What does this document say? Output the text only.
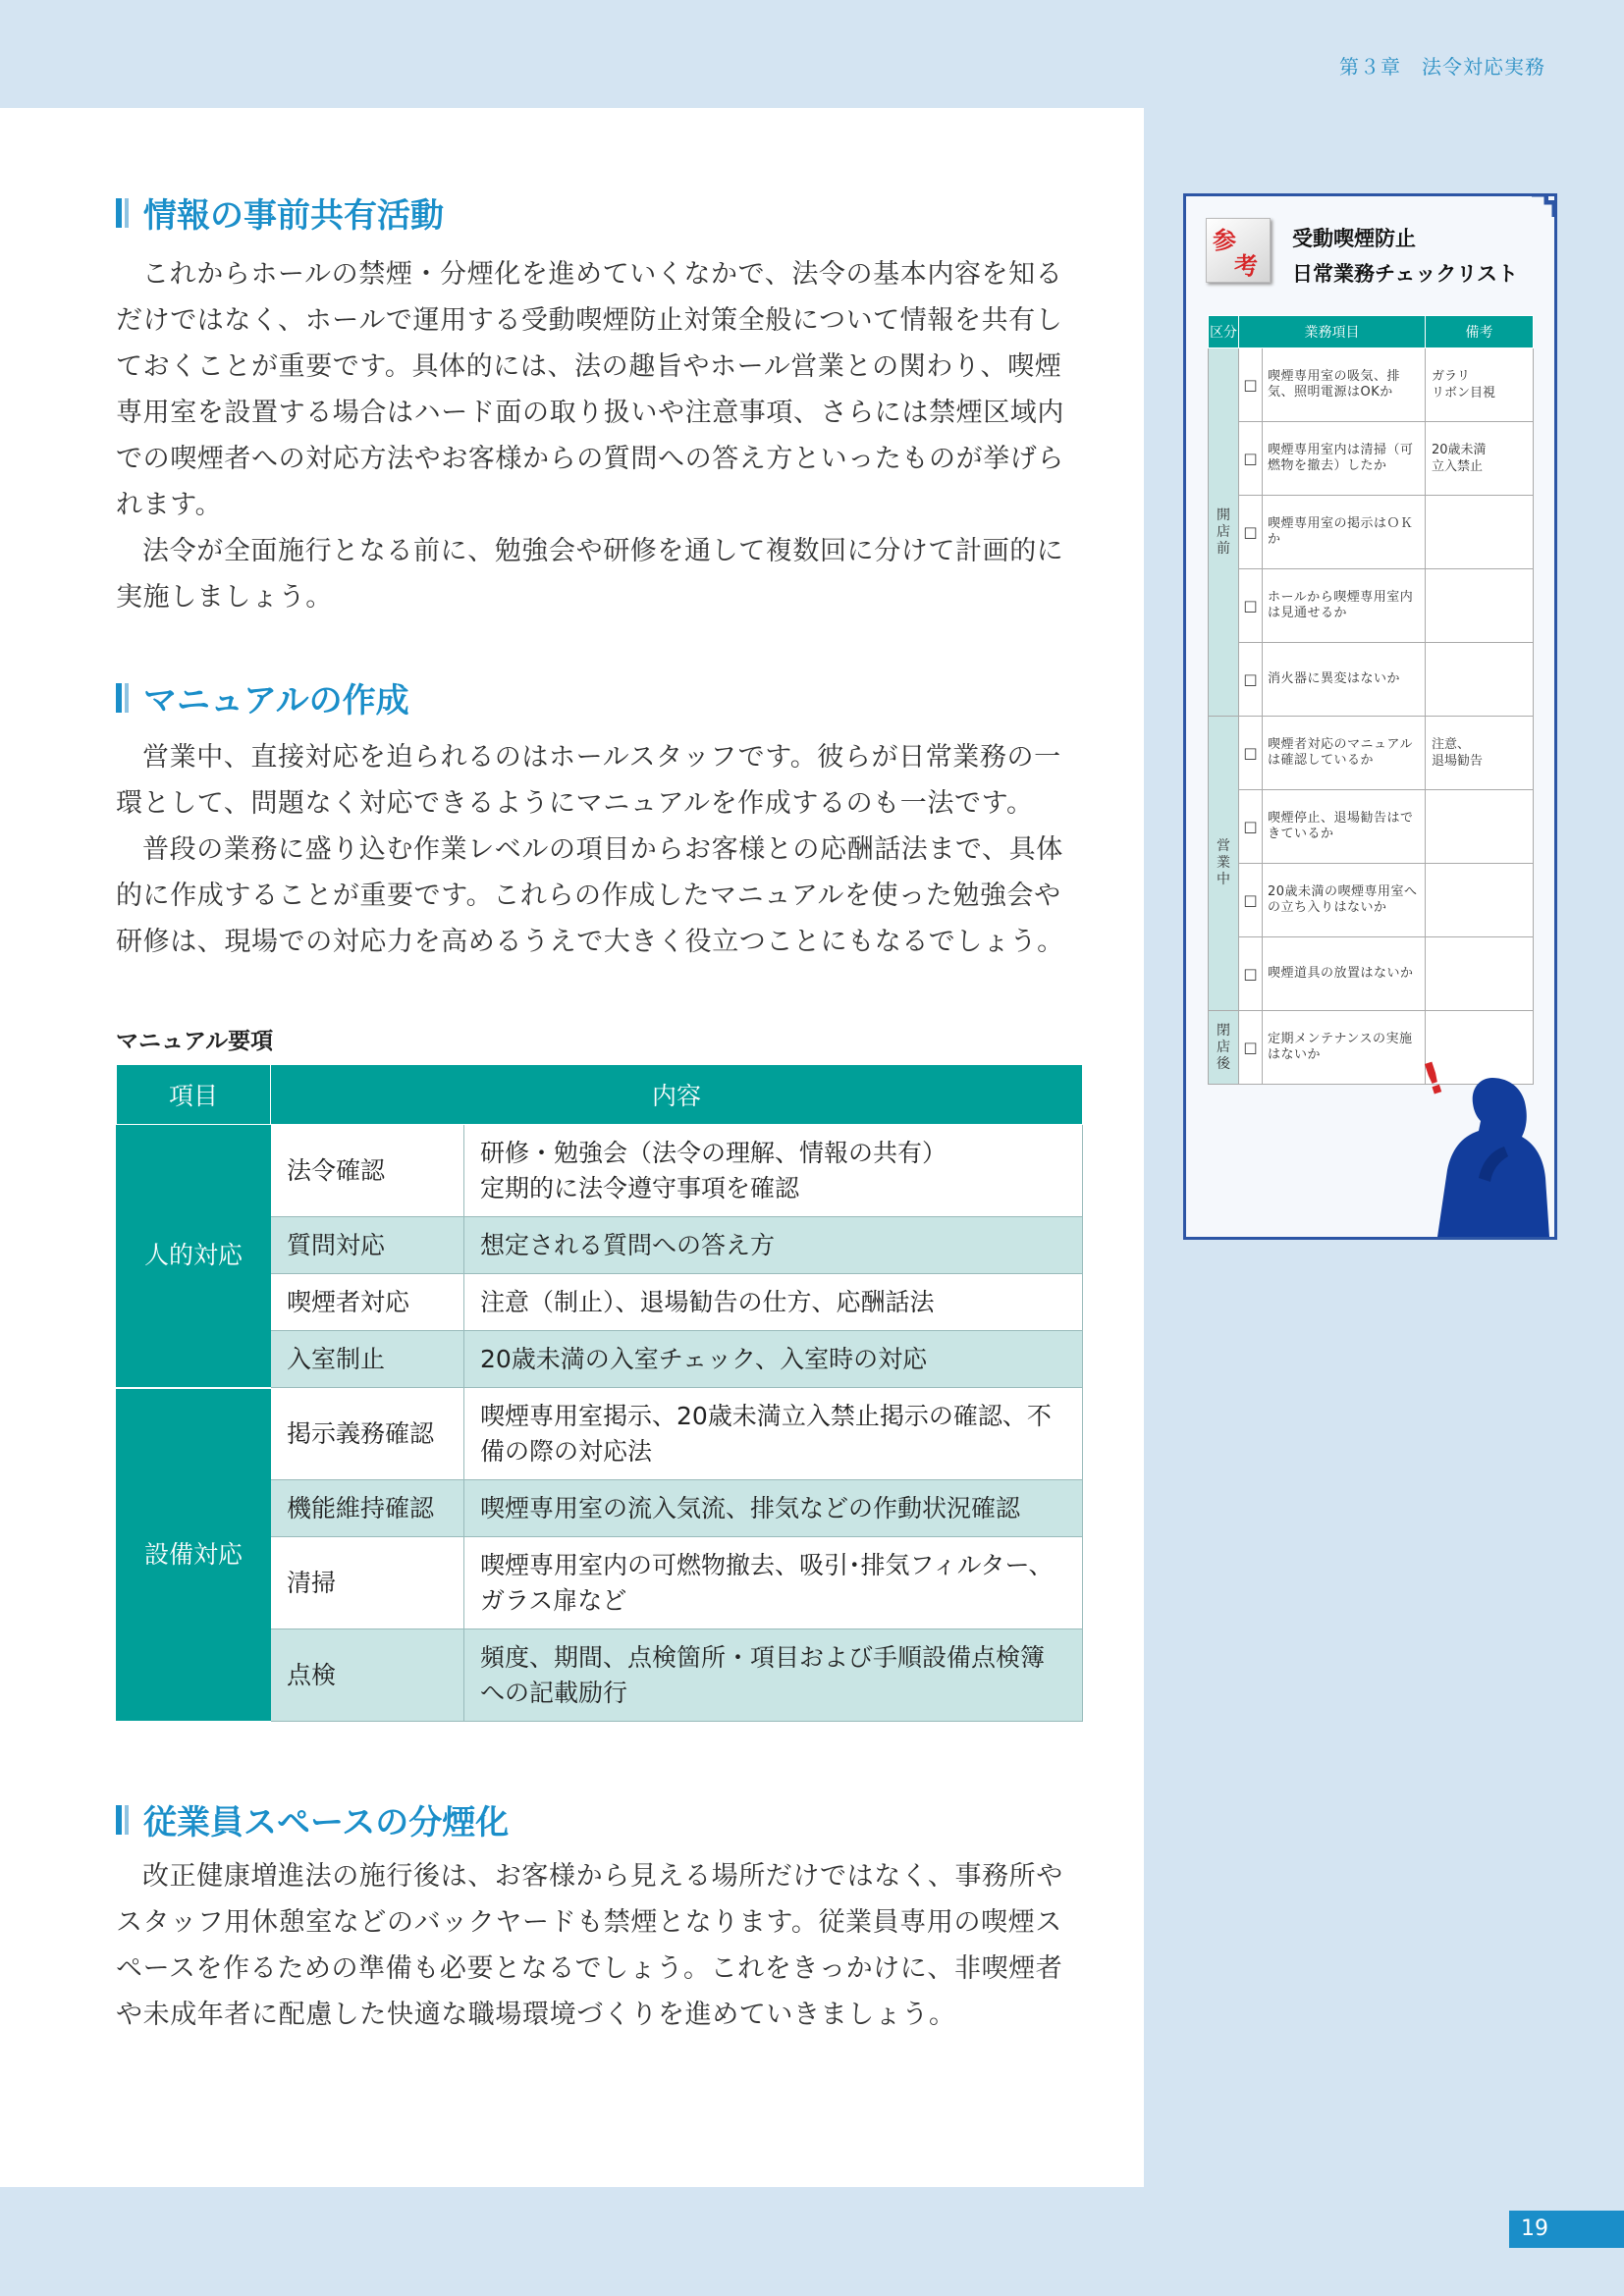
第３章　法令対応実務
情報の事前共有活動

これからホールの禁煙・分煙化を進めていくなかで、法令の基本内容を知るだけではなく、ホールで運用する受動喫煙防止対策全般について情報を共有しておくことが重要です。具体的には、法の趣旨やホール営業との関わり、喫煙専用室を設置する場合はハード面の取り扱いや注意事項、さらには禁煙区域内での喫煙者への対応方法やお客様からの質問への答え方といったものが挙げられます。

法令が全面施行となる前に、勉強会や研修を通して複数回に分けて計画的に実施しましょう。

マニュアルの作成

営業中、直接対応を迫られるのはホールスタッフです。彼らが日常業務の一環として、問題なく対応できるようにマニュアルを作成するのも一法です。

普段の業務に盛り込む作業レベルの項目からお客様との応酬話法まで、具体的に作成することが重要です。これらの作成したマニュアルを使った勉強会や研修は、現場での対応力を高めるうえで大きく役立つことにもなるでしょう。

マニュアル要項
項目	内容	
人的対応	法令確認	研修・勉強会（法令の理解、情報の共有）
定期的に法令遵守事項を確認
	質問対応	想定される質問への答え方
	喫煙者対応	注意（制止）、退場勧告の仕方、応酬話法
	入室制止	20歳未満の入室チェック、入室時の対応
設備対応	掲示義務確認	喫煙専用室掲示、20歳未満立入禁止掲示の確認、不備の際の対応法
	機能維持確認	喫煙専用室の流入気流、排気などの作動状況確認
	清掃	喫煙専用室内の可燃物撤去、吸引･排気フィルター、ガラス扉など
	点検	頻度、期間、点検箇所・項目および手順設備点検簿への記載励行
従業員スペースの分煙化

改正健康増進法の施行後は、お客様から見える場所だけではなく、事務所やスタッフ用休憩室などのバックヤードも禁煙となります。従業員専用の喫煙スペースを作るための準備も必要となるでしょう。これをきっかけに、非喫煙者や未成年者に配慮した快適な職場環境づくりを進めていきましょう。

参
考
受動喫煙防止
日常業務チェックリスト
区分	業務項目		備考
開店前	□	喫煙専用室の吸気、排気、照明電源はOKか	ガラリ
リボン目視
	□	喫煙専用室内は清掃（可燃物を撤去）したか	20歳未満
立入禁止
	□	喫煙専用室の掲示はＯＫか	
	□	ホールから喫煙専用室内は見通せるか	
	□	消火器に異変はないか	
営業中	□	喫煙者対応のマニュアルは確認しているか	注意、
退場勧告
	□	喫煙停止、退場勧告はできているか	
	□	20歳未満の喫煙専用室への立ち入りはないか	
	□	喫煙道具の放置はないか	
閉店後	□	定期メンテナンスの実施はないか	!
19
